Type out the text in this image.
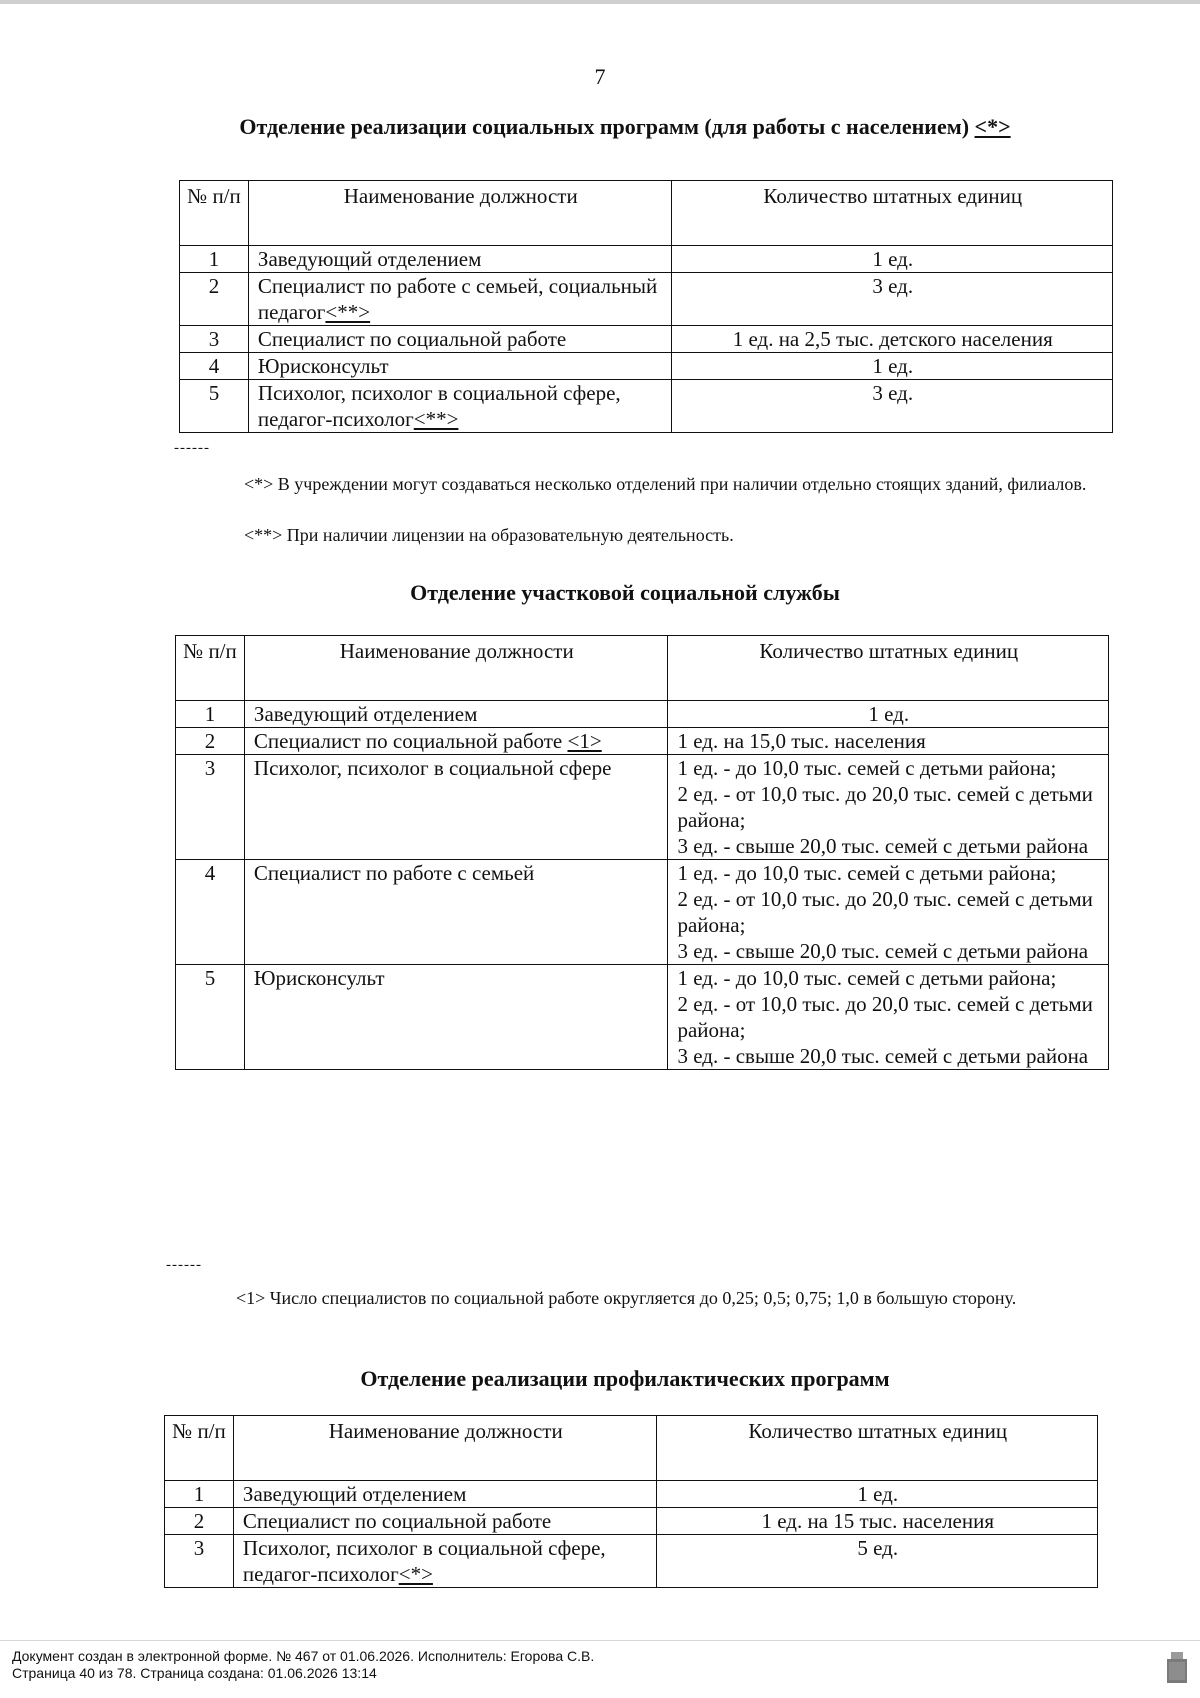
7
Отделение реализации социальных программ (для работы с населением) <*>
№ п/п	Наименование должности	Количество штатных единиц
1	Заведующий отделением	1 ед.
2	Специалист по работе с семьей, социальный педагог<**>	3 ед.
3	Специалист по социальной работе	1 ед. на 2,5 тыс. детского населения
4	Юрисконсульт	1 ед.
5	Психолог, психолог в социальной сфере, педагог-психолог<**>	3 ед.
------
<*> В учреждении могут создаваться несколько отделений при наличии отдельно стоящих зданий, филиалов.
<**> При наличии лицензии на образовательную деятельность.
Отделение участковой социальной службы
№ п/п	Наименование должности	Количество штатных единиц
1	Заведующий отделением	1 ед.
2	Специалист по социальной работе <1>	1 ед. на 15,0 тыс. населения
3	Психолог, психолог в социальной сфере	1 ед. - до 10,0 тыс. семей с детьми района;
2 ед. - от 10,0 тыс. до 20,0 тыс. семей с детьми района;
3 ед. - свыше 20,0 тыс. семей с детьми района
4	Специалист по работе с семьей	1 ед. - до 10,0 тыс. семей с детьми района;
2 ед. - от 10,0 тыс. до 20,0 тыс. семей с детьми района;
3 ед. - свыше 20,0 тыс. семей с детьми района
5	Юрисконсульт	1 ед. - до 10,0 тыс. семей с детьми района;
2 ед. - от 10,0 тыс. до 20,0 тыс. семей с детьми района;
3 ед. - свыше 20,0 тыс. семей с детьми района
------
<1> Число специалистов по социальной работе округляется до 0,25; 0,5; 0,75; 1,0 в большую сторону.
Отделение реализации профилактических программ
№ п/п	Наименование должности	Количество штатных единиц
1	Заведующий отделением	1 ед.
2	Специалист по социальной работе	1 ед. на 15 тыс. населения
3	Психолог, психолог в социальной сфере, педагог-психолог<*>	5 ед.
Документ создан в электронной форме. № 467 от 01.06.2026. Исполнитель: Егорова С.В.
Страница 40 из 78. Страница создана: 01.06.2026 13:14
